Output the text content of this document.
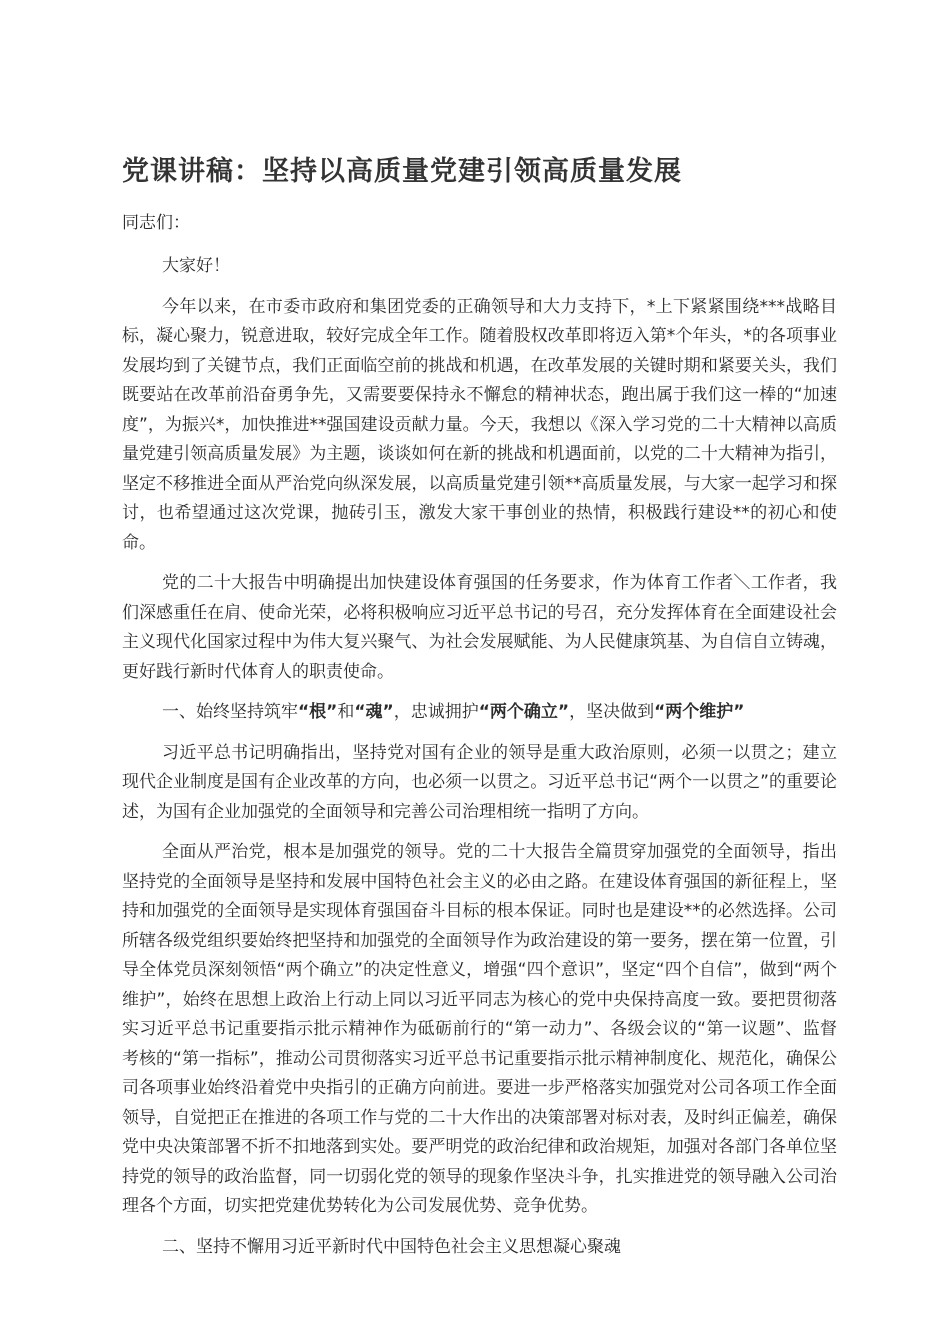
党课讲稿：坚持以高质量党建引领高质量发展

同志们：

大家好！

今年以来，在市委市政府和集团党委的正确领导和大力支持下，*上下紧紧围绕***战略目标，凝心聚力，锐意进取，较好完成全年工作。随着股权改革即将迈入第*个年头，*的各项事业发展均到了关键节点，我们正面临空前的挑战和机遇，在改革发展的关键时期和紧要关头，我们既要站在改革前沿奋勇争先，又需要要保持永不懈怠的精神状态，跑出属于我们这一棒的“加速度”，为振兴*，加快推进**强国建设贡献力量。今天，我想以《深入学习党的二十大精神以高质量党建引领高质量发展》为主题，谈谈如何在新的挑战和机遇面前，以党的二十大精神为指引，坚定不移推进全面从严治党向纵深发展，以高质量党建引领**高质量发展，与大家一起学习和探讨，也希望通过这次党课，抛砖引玉，激发大家干事创业的热情，积极践行建设**的初心和使命。

党的二十大报告中明确提出加快建设体育强国的任务要求，作为体育工作者＼工作者，我们深感重任在肩、使命光荣，必将积极响应习近平总书记的号召，充分发挥体育在全面建设社会主义现代化国家过程中为伟大复兴聚气、为社会发展赋能、为人民健康筑基、为自信自立铸魂，更好践行新时代体育人的职责使命。

一、始终坚持筑牢“根”和“魂”，忠诚拥护“两个确立”，坚决做到“两个维护”

习近平总书记明确指出，坚持党对国有企业的领导是重大政治原则，必须一以贯之；建立现代企业制度是国有企业改革的方向，也必须一以贯之。习近平总书记“两个一以贯之”的重要论述，为国有企业加强党的全面领导和完善公司治理相统一指明了方向。

全面从严治党，根本是加强党的领导。党的二十大报告全篇贯穿加强党的全面领导，指出坚持党的全面领导是坚持和发展中国特色社会主义的必由之路。在建设体育强国的新征程上，坚持和加强党的全面领导是实现体育强国奋斗目标的根本保证。同时也是建设**的必然选择。公司所辖各级党组织要始终把坚持和加强党的全面领导作为政治建设的第一要务，摆在第一位置，引导全体党员深刻领悟“两个确立”的决定性意义，增强“四个意识”，坚定“四个自信”，做到“两个维护”，始终在思想上政治上行动上同以习近平同志为核心的党中央保持高度一致。要把贯彻落实习近平总书记重要指示批示精神作为砥砺前行的“第一动力”、各级会议的“第一议题”、监督考核的“第一指标”，推动公司贯彻落实习近平总书记重要指示批示精神制度化、规范化，确保公司各项事业始终沿着党中央指引的正确方向前进。要进一步严格落实加强党对公司各项工作全面领导，自觉把正在推进的各项工作与党的二十大作出的决策部署对标对表，及时纠正偏差，确保党中央决策部署不折不扣地落到实处。要严明党的政治纪律和政治规矩，加强对各部门各单位坚持党的领导的政治监督，同一切弱化党的领导的现象作坚决斗争，扎实推进党的领导融入公司治理各个方面，切实把党建优势转化为公司发展优势、竞争优势。

二、坚持不懈用习近平新时代中国特色社会主义思想凝心聚魂
